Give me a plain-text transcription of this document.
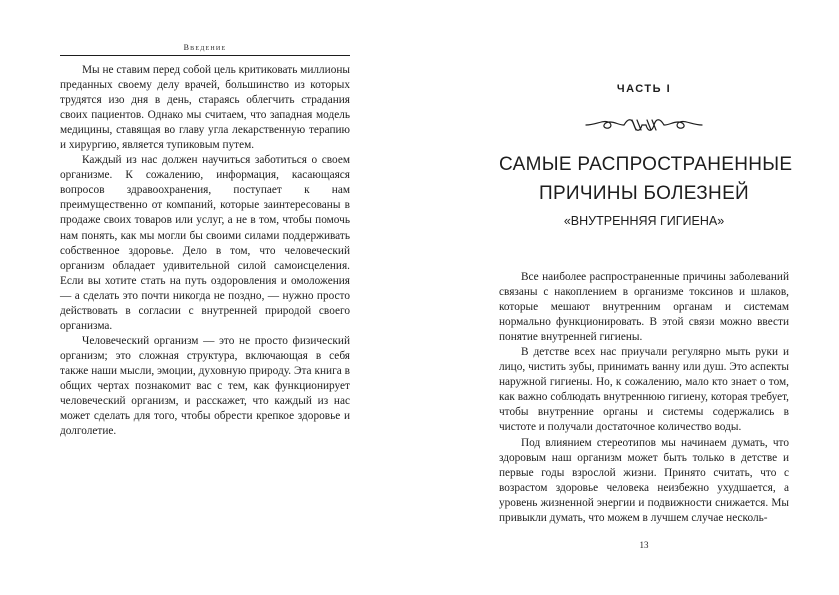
Введение

Мы не ставим перед собой цель критиковать миллионы преданных своему делу врачей, большинство из которых трудятся изо дня в день, стараясь облегчить страдания своих пациентов. Однако мы считаем, что западная модель медицины, ставящая во главу угла лекарственную терапию и хирургию, является тупиковым путем.

Каждый из нас должен научиться заботиться о своем организме. К сожалению, информация, касающаяся вопросов здравоохранения, поступает к нам преимущественно от компаний, которые заинтересованы в продаже своих товаров или услуг, а не в том, чтобы помочь нам понять, как мы могли бы своими силами поддерживать собственное здоровье. Дело в том, что человеческий организм обладает удивительной силой самоисцеления. Если вы хотите стать на путь оздоровления и омоложения — а сделать это почти никогда не поздно, — нужно просто действовать в согласии с внутренней природой своего организма.

Человеческий организм — это не просто физический организм; это сложная структура, включающая в себя также наши мысли, эмоции, духовную природу. Эта книга в общих чертах познакомит вас с тем, как функционирует человеческий организм, и расскажет, что каждый из нас может сделать для того, чтобы обрести крепкое здоровье и долголетие.

ЧАСТЬ I
САМЫЕ РАСПРОСТРАНЕННЫЕ
ПРИЧИНЫ БОЛЕЗНЕЙ
«ВНУТРЕННЯЯ ГИГИЕНА»

Все наиболее распространенные причины заболеваний связаны с накоплением в организме токсинов и шлаков, которые мешают внутренним органам и системам нормально функционировать. В этой связи можно ввести понятие внутренней гигиены.

В детстве всех нас приучали регулярно мыть руки и лицо, чистить зубы, принимать ванну или душ. Это аспекты наружной гигиены. Но, к сожалению, мало кто знает о том, как важно соблюдать внутреннюю гигиену, которая требует, чтобы внутренние органы и системы содержались в чистоте и получали достаточное количество воды.

Под влиянием стереотипов мы начинаем думать, что здоровым наш организм может быть только в детстве и первые годы взрослой жизни. Принято считать, что с возрастом здоровье человека неизбежно ухудшается, а уровень жизненной энергии и подвижности снижается. Мы привыкли думать, что можем в лучшем случае несколь-

13
